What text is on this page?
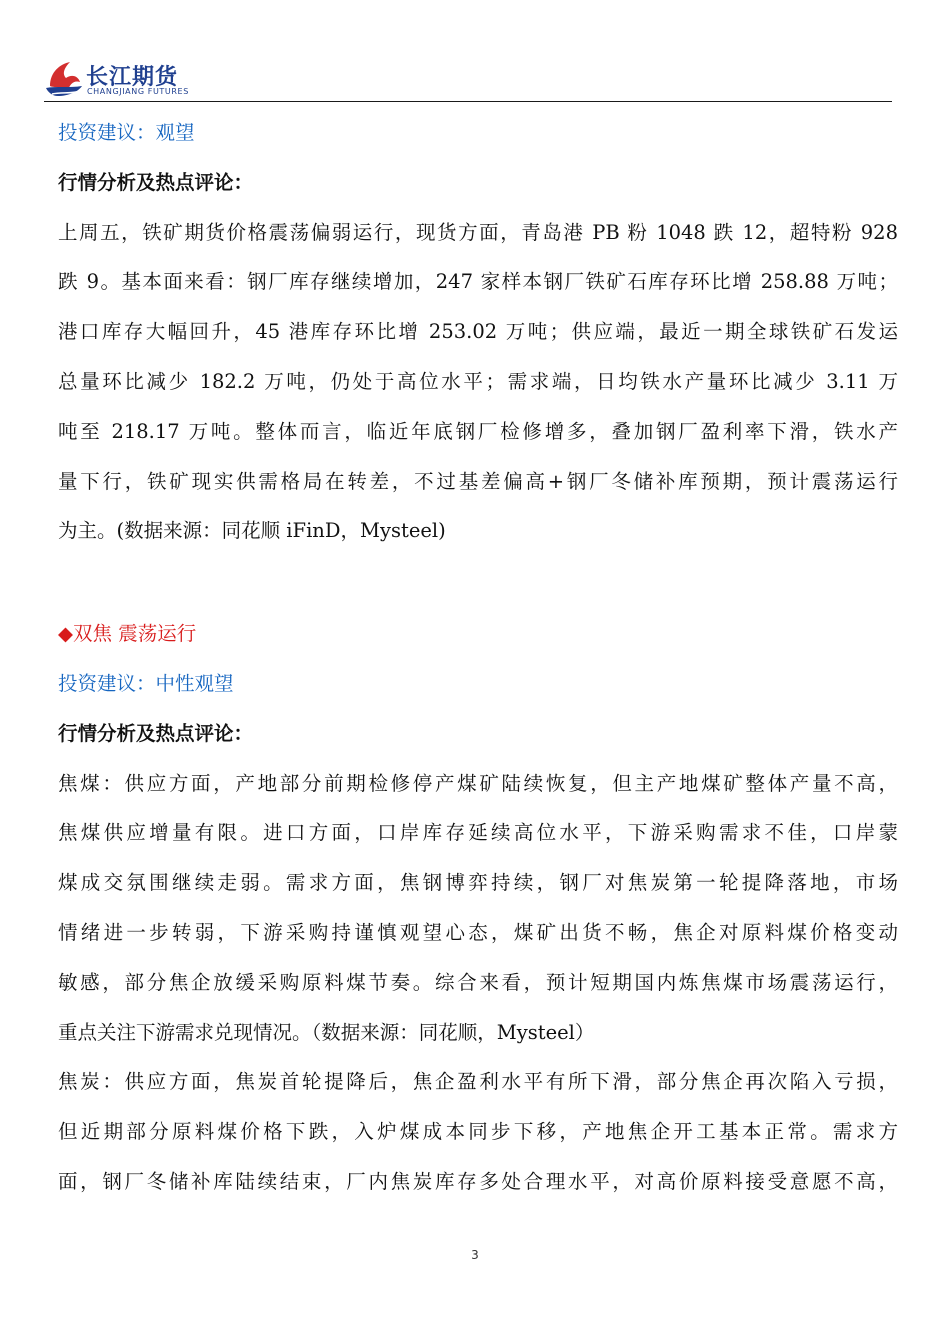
长江期货
CHANGJIANG FUTURES
投资建议：观望
行情分析及热点评论：
上周五，铁矿期货价格震荡偏弱运行，现货方面，青岛港 PB 粉 1048 跌 12，超特粉 928
跌 9。基本面来看：钢厂库存继续增加，247 家样本钢厂铁矿石库存环比增 258.88 万吨；
港口库存大幅回升，45 港库存环比增 253.02 万吨；供应端，最近一期全球铁矿石发运
总量环比减少 182.2 万吨，仍处于高位水平；需求端，日均铁水产量环比减少 3.11 万
吨至 218.17 万吨。整体而言，临近年底钢厂检修增多，叠加钢厂盈利率下滑，铁水产
量下行，铁矿现实供需格局在转差，不过基差偏高+钢厂冬储补库预期，预计震荡运行
为主。(数据来源：同花顺 iFinD，Mysteel)
◆双焦 震荡运行
投资建议：中性观望
行情分析及热点评论：
焦煤：供应方面，产地部分前期检修停产煤矿陆续恢复，但主产地煤矿整体产量不高，
焦煤供应增量有限。进口方面，口岸库存延续高位水平，下游采购需求不佳，口岸蒙
煤成交氛围继续走弱。需求方面，焦钢博弈持续，钢厂对焦炭第一轮提降落地，市场
情绪进一步转弱，下游采购持谨慎观望心态，煤矿出货不畅，焦企对原料煤价格变动
敏感，部分焦企放缓采购原料煤节奏。综合来看，预计短期国内炼焦煤市场震荡运行，
重点关注下游需求兑现情况。（数据来源：同花顺，Mysteel）
焦炭：供应方面，焦炭首轮提降后，焦企盈利水平有所下滑，部分焦企再次陷入亏损，
但近期部分原料煤价格下跌，入炉煤成本同步下移，产地焦企开工基本正常。需求方
面，钢厂冬储补库陆续结束，厂内焦炭库存多处合理水平，对高价原料接受意愿不高，
3
